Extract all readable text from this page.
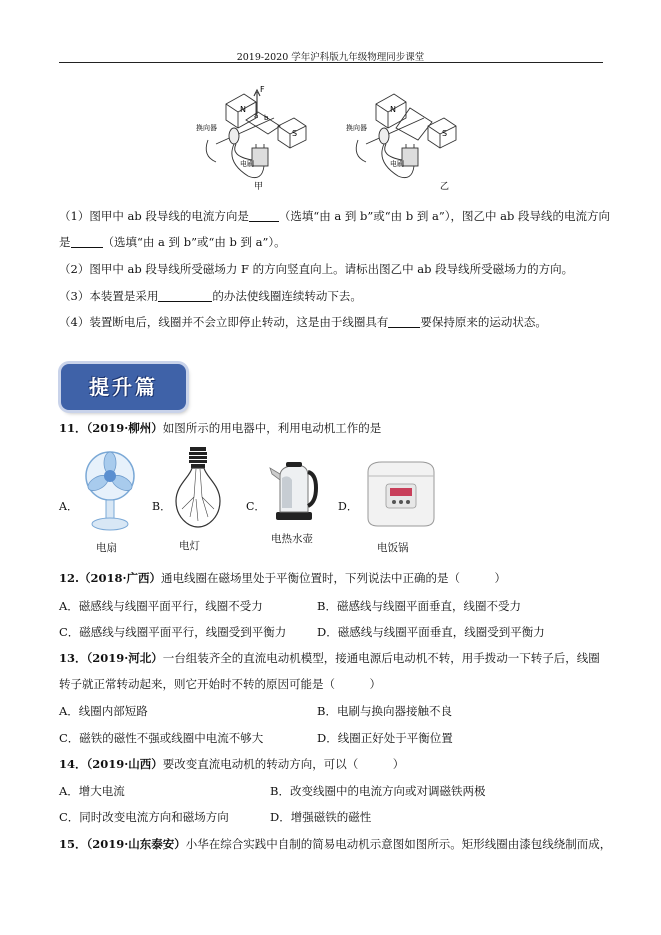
2019-2020 学年沪科版九年级物理同步课堂
N
S
F
a b
换向器
电刷
甲
N
S
换向器
电刷
乙
（1）图甲中 ab 段导线的电流方向是	（选填“由 a 到 b”或“由 b 到 a”），图乙中 ab 段导线的电流方向
是	（选填“由 a 到 b”或“由 b 到 a”）。
（2）图甲中 ab 段导线所受磁场力 F 的方向竖直向上。请标出图乙中 ab 段导线所受磁场力的方向。
（3）本装置是采用	的办法使线圈连续转动下去。
（4）装置断电后，线圈并不会立即停止转动，这是由于线圈具有	要保持原来的运动状态。
提升篇
11．（2019·柳州）如图所示的用电器中，利用电动机工作的是
A．
电扇
B．
电灯
C．
电热水壶
D．
电饭锅
12.（2018·广西）通电线圈在磁场里处于平衡位置时，下列说法中正确的是（　　　）
A．磁感线与线圈平面平行，线圈不受力	B．磁感线与线圈平面垂直，线圈不受力
C．磁感线与线圈平面平行，线圈受到平衡力	D．磁感线与线圈平面垂直，线圈受到平衡力
13．（2019·河北）一台组装齐全的直流电动机模型，接通电源后电动机不转，用手拨动一下转子后，线圈
转子就正常转动起来，则它开始时不转的原因可能是（　　　）
A．线圈内部短路	B．电刷与换向器接触不良
C．磁铁的磁性不强或线圈中电流不够大	D．线圈正好处于平衡位置
14．（2019·山西）要改变直流电动机的转动方向，可以（　　　）
A．增大电流	B．改变线圈中的电流方向或对调磁铁两极
C．同时改变电流方向和磁场方向	D．增强磁铁的磁性
15．（2019·山东泰安）小华在综合实践中自制的简易电动机示意图如图所示。矩形线圈由漆包线绕制而成，
